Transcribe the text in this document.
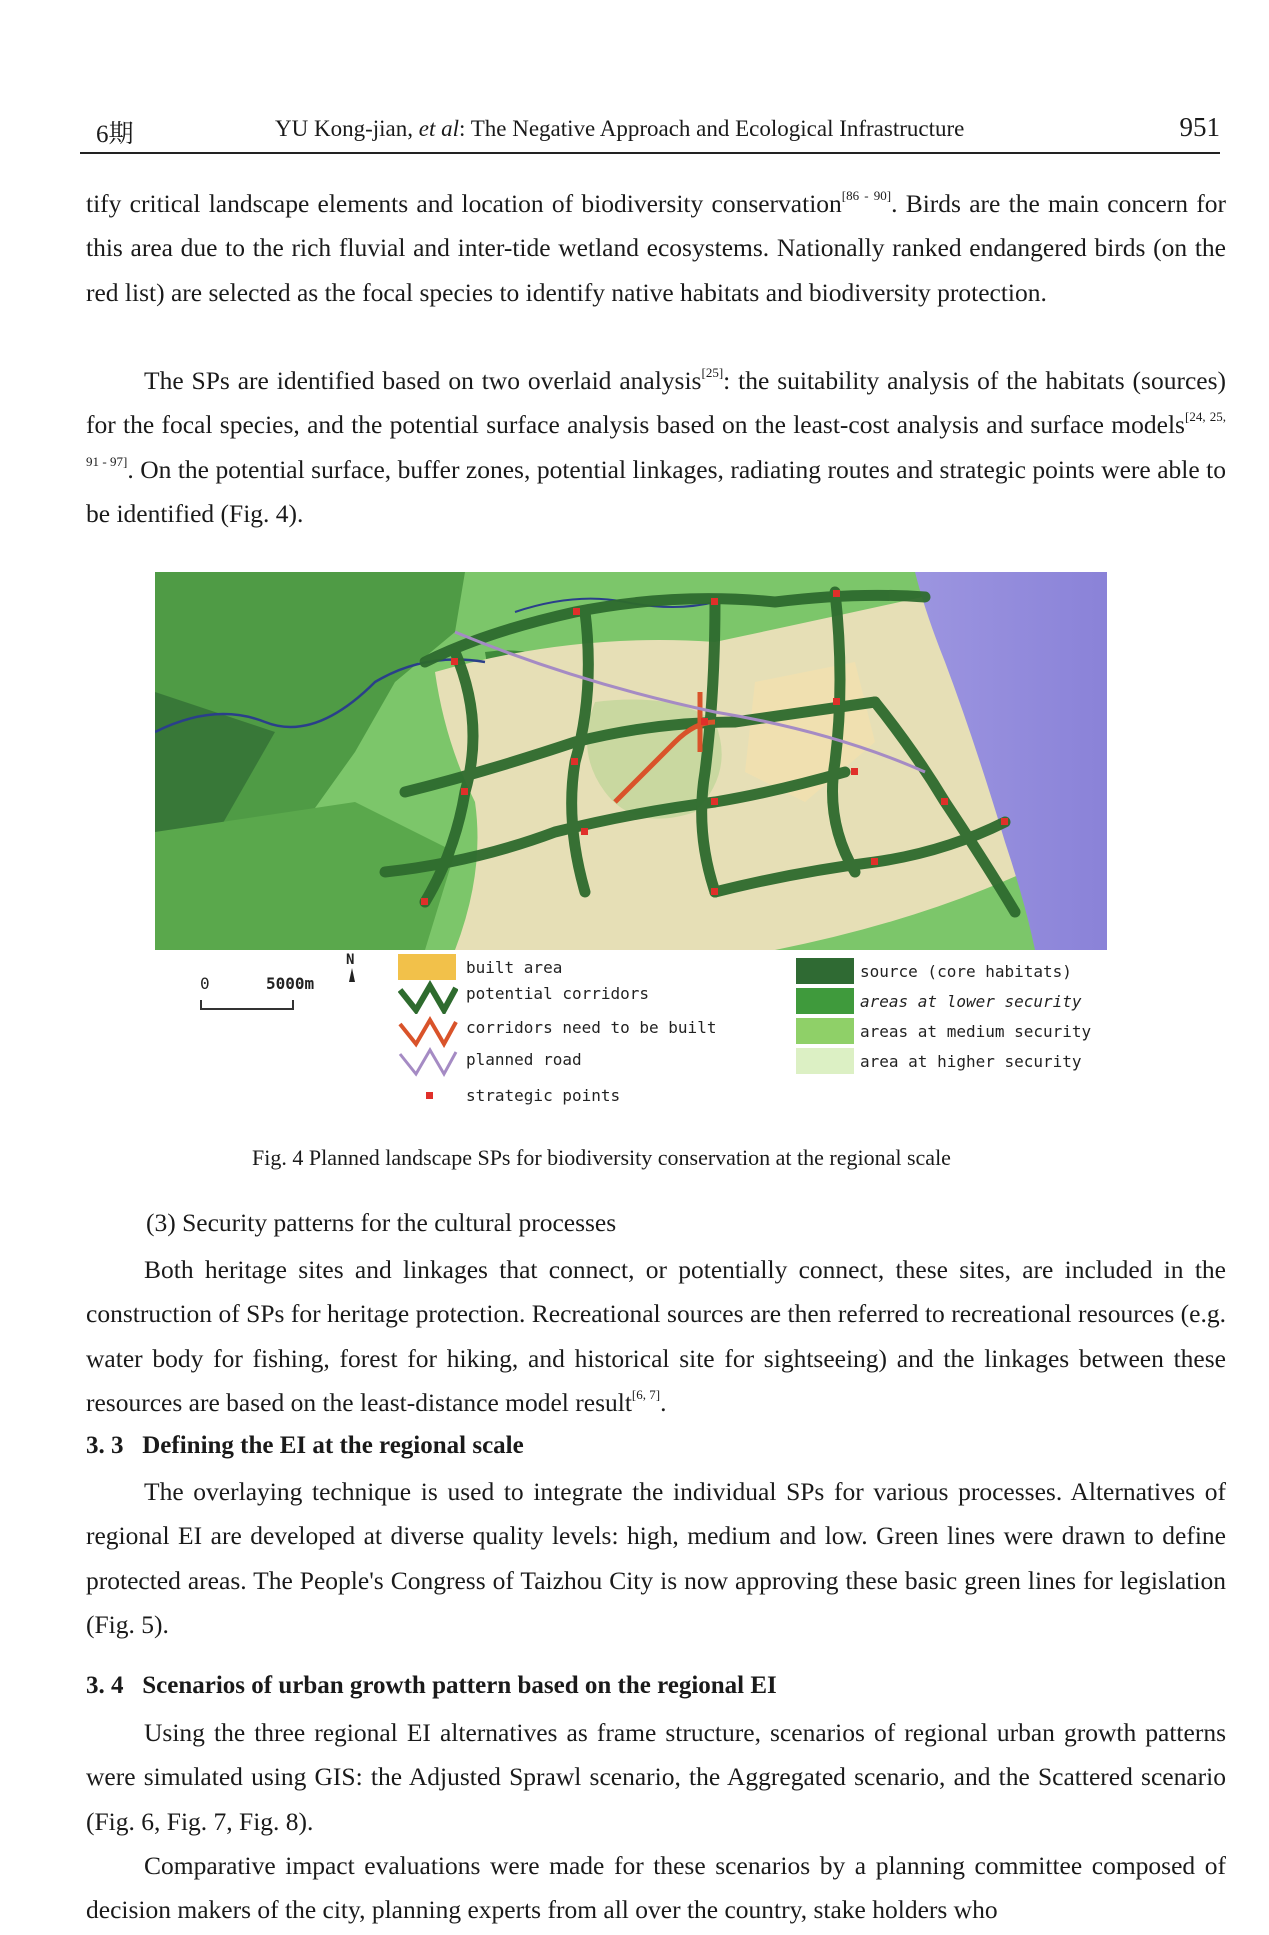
6期	YU Kong-jian, et al: The Negative Approach and Ecological Infrastructure	951

tify critical landscape elements and location of biodiversity conservation[86 - 90]. Birds are the main concern for this area due to the rich fluvial and inter-tide wetland ecosystems. Nationally ranked endangered birds (on the red list) are selected as the focal species to identify native habitats and biodiversity protection.

The SPs are identified based on two overlaid analysis[25]: the suitability analysis of the habitats (sources) for the focal species, and the potential surface analysis based on the least-cost analysis and surface models[24, 25, 91 - 97]. On the potential surface, buffer zones, potential linkages, radiating routes and strategic points were able to be identified (Fig. 4).

0	5000m
N	built area
potential corridors
corridors need to be built
planned road
strategic points
source (core habitats)
areas at lower security
areas at medium security
area at higher security
Fig. 4 Planned landscape SPs for biodiversity conservation at the regional scale
(3) Security patterns for the cultural processes

Both heritage sites and linkages that connect, or potentially connect, these sites, are included in the construction of SPs for heritage protection. Recreational sources are then referred to recreational resources (e.g. water body for fishing, forest for hiking, and historical site for sightseeing) and the linkages between these resources are based on the least-distance model result[6, 7].

3. 3   Defining the EI at the regional scale

The overlaying technique is used to integrate the individual SPs for various processes. Alternatives of regional EI are developed at diverse quality levels: high, medium and low. Green lines were drawn to define protected areas. The People's Congress of Taizhou City is now approving these basic green lines for legislation (Fig. 5).

3. 4   Scenarios of urban growth pattern based on the regional EI

Using the three regional EI alternatives as frame structure, scenarios of regional urban growth patterns were simulated using GIS: the Adjusted Sprawl scenario, the Aggregated scenario, and the Scattered scenario (Fig. 6, Fig. 7, Fig. 8).

Comparative impact evaluations were made for these scenarios by a planning committee composed of decision makers of the city, planning experts from all over the country, stake holders who
